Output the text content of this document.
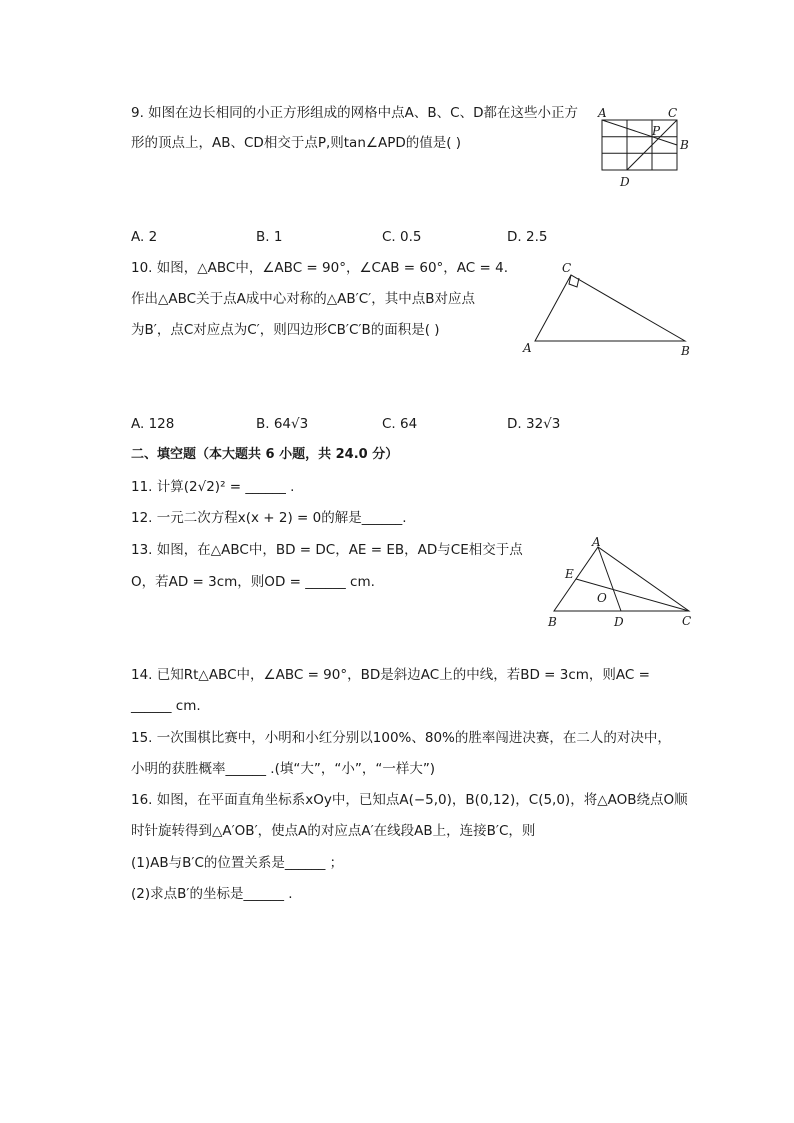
9. 如图在边长相同的小正方形组成的网格中点A、B、C、D都在这些小正方
形的顶点上，AB、CD相交于点P,则tan∠APD的值是( )
A	C
P
B
D
A. 2	B. 1	C. 0.5	D. 2.5
10. 如图，△ABC中，∠ABC = 90°，∠CAB = 60°，AC = 4.
作出△ABC关于点A成中心对称的△AB′C′，其中点B对应点
为B′，点C对应点为C′，则四边形CB′C′B的面积是( )
C
A	B
A. 128	B. 64√3	C. 64	D. 32√3
二、填空题（本大题共 6 小题，共 24.0 分）
11. 计算(2√2)² = ______ .
12. 一元二次方程x(x + 2) = 0的解是______.
13. 如图，在△ABC中，BD = DC，AE = EB，AD与CE相交于点
O，若AD = 3cm，则OD = ______ cm.
A
E
O
B	D	C
14. 已知Rt△ABC中，∠ABC = 90°，BD是斜边AC上的中线，若BD = 3cm，则AC =
______ cm.
15. 一次围棋比赛中，小明和小红分别以100%、80%的胜率闯进决赛，在二人的对决中，
小明的获胜概率______ .(填“大”，“小”，“一样大”)
16. 如图，在平面直角坐标系xOy中，已知点A(−5,0)，B(0,12)，C(5,0)，将△AOB绕点O顺
时针旋转得到△A′OB′，使点A的对应点A′在线段AB上，连接B′C，则
(1)AB与B′C的位置关系是______ ；
(2)求点B′的坐标是______ .
